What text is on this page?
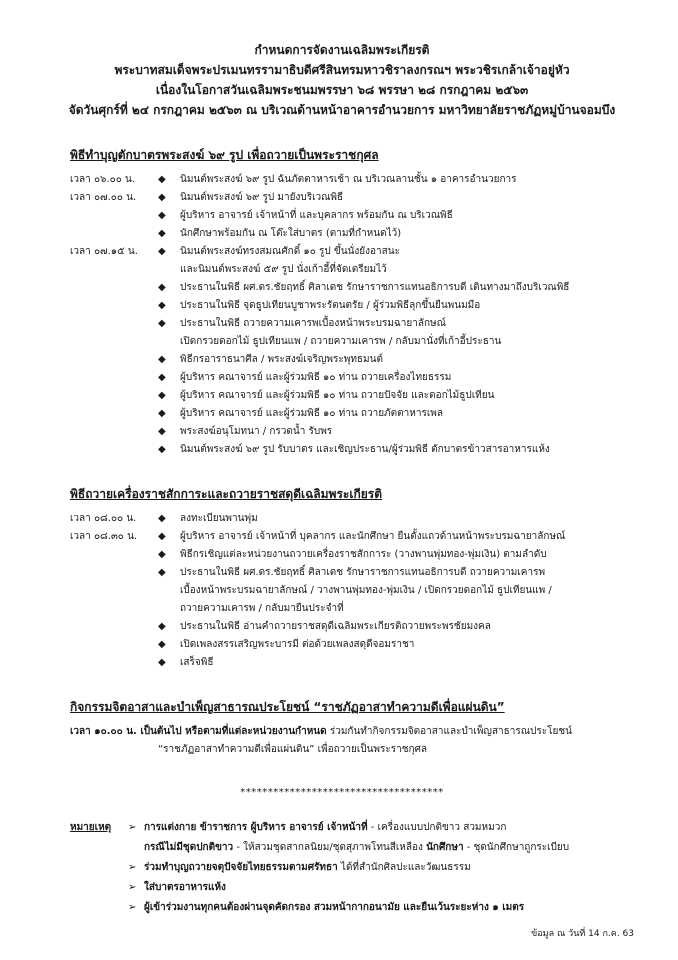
กำหนดการจัดงานเฉลิมพระเกียรติ
พระบาทสมเด็จพระปรเมนทรรามาธิบดีศรีสินทรมหาวชิราลงกรณฯ พระวชิรเกล้าเจ้าอยู่หัว
เนื่องในโอกาสวันเฉลิมพระชนมพรรษา ๖๘ พรรษา ๒๘ กรกฎาคม ๒๕๖๓
จัดวันศุกร์ที่ ๒๔ กรกฎาคม ๒๕๖๓ ณ บริเวณด้านหน้าอาคารอำนวยการ มหาวิทยาลัยราชภัฏหมู่บ้านจอมบึง
พิธีทำบุญตักบาตรพระสงฆ์ ๖๙ รูป เพื่อถวายเป็นพระราชกุศล
เวลา ๐๖.๐๐ น.	◆	นิมนต์พระสงฆ์ ๖๙ รูป ฉันภัตตาหารเช้า ณ บริเวณลานชั้น ๑ อาคารอำนวยการ
เวลา ๐๗.๐๐ น.	◆	นิมนต์พระสงฆ์ ๖๙ รูป มายังบริเวณพิธี
◆	ผู้บริหาร อาจารย์ เจ้าหน้าที่ และบุคลากร พร้อมกัน ณ บริเวณพิธี
◆	นักศึกษาพร้อมกัน ณ โต๊ะใส่บาตร (ตามที่กำหนดไว้)
เวลา ๐๗.๑๕ น.	◆	นิมนต์พระสงฆ์ทรงสมณศักดิ์ ๑๐ รูป ขึ้นนั่งยังอาสนะ
และนิมนต์พระสงฆ์ ๕๙ รูป นั่งเก้าอี้ที่จัดเตรียมไว้
◆	ประธานในพิธี ผศ.ดร.ชัยฤทธิ์ ศิลาเดช รักษาราชการแทนอธิการบดี เดินทางมาถึงบริเวณพิธี
◆	ประธานในพิธี จุดธูปเทียนบูชาพระรัตนตรัย / ผู้ร่วมพิธีลุกขึ้นยืนพนมมือ
◆	ประธานในพิธี ถวายความเคารพเบื้องหน้าพระบรมฉายาลักษณ์
เปิดกรวยดอกไม้ ธูปเทียนแพ / ถวายความเคารพ / กลับมานั่งที่เก้าอี้ประธาน
◆	พิธีกรอาราธนาศีล / พระสงฆ์เจริญพระพุทธมนต์
◆	ผู้บริหาร คณาจารย์ และผู้ร่วมพิธี ๑๐ ท่าน ถวายเครื่องไทยธรรม
◆	ผู้บริหาร คณาจารย์ และผู้ร่วมพิธี ๑๐ ท่าน ถวายปัจจัย และดอกไม้ธูปเทียน
◆	ผู้บริหาร คณาจารย์ และผู้ร่วมพิธี ๑๐ ท่าน ถวายภัตตาหารเพล
◆	พระสงฆ์อนุโมทนา / กรวดน้ำ รับพร
◆	นิมนต์พระสงฆ์ ๖๙ รูป รับบาตร และเชิญประธาน/ผู้ร่วมพิธี ตักบาตรข้าวสารอาหารแห้ง
พิธีถวายเครื่องราชสักการะและถวายราชสดุดีเฉลิมพระเกียรติ
เวลา ๐๘.๐๐ น.	◆	ลงทะเบียนพานพุ่ม
เวลา ๐๘.๓๐ น.	◆	ผู้บริหาร อาจารย์ เจ้าหน้าที่ บุคลากร และนักศึกษา ยืนตั้งแถวด้านหน้าพระบรมฉายาลักษณ์
◆	พิธีกรเชิญแต่ละหน่วยงานถวายเครื่องราชสักการะ (วางพานพุ่มทอง-พุ่มเงิน) ตามลำดับ
◆	ประธานในพิธี ผศ.ดร.ชัยฤทธิ์ ศิลาเดช รักษาราชการแทนอธิการบดี ถวายความเคารพ
เบื้องหน้าพระบรมฉายาลักษณ์ / วางพานพุ่มทอง-พุ่มเงิน / เปิดกรวยดอกไม้ ธูปเทียนแพ /
ถวายความเคารพ / กลับมายืนประจำที่
◆	ประธานในพิธี อ่านคำถวายราชสดุดีเฉลิมพระเกียรติถวายพระพรชัยมงคล
◆	เปิดเพลงสรรเสริญพระบารมี ต่อด้วยเพลงสดุดีจอมราชา
◆	เสร็จพิธี
กิจกรรมจิตอาสาและบำเพ็ญสาธารณประโยชน์ “ราชภัฏอาสาทำความดีเพื่อแผ่นดิน”
เวลา ๑๐.๐๐ น. เป็นต้นไป หรือตามที่แต่ละหน่วยงานกำหนด ร่วมกันทำกิจกรรมจิตอาสาและบำเพ็ญสาธารณประโยชน์
“ราชภัฏอาสาทำความดีเพื่อแผ่นดิน” เพื่อถวายเป็นพระราชกุศล
*************************************
หมายเหตุ	➢ การแต่งกาย ข้าราชการ ผู้บริหาร อาจารย์ เจ้าหน้าที่ - เครื่องแบบปกติขาว สวมหมวก
กรณีไม่มีชุดปกติขาว - ให้สวมชุดสากลนิยม/ชุดสุภาพโทนสีเหลือง นักศึกษา - ชุดนักศึกษาถูกระเบียบ
➢ ร่วมทำบุญถวายจตุปัจจัยไทยธรรมตามศรัทธา ได้ที่สำนักศิลปะและวัฒนธรรม
➢ ใส่บาตรอาหารแห้ง
➢ ผู้เข้าร่วมงานทุกคนต้องผ่านจุดคัดกรอง สวมหน้ากากอนามัย และยืนเว้นระยะห่าง ๑ เมตร
ข้อมูล ณ วันที่ 14 ก.ค. 63
